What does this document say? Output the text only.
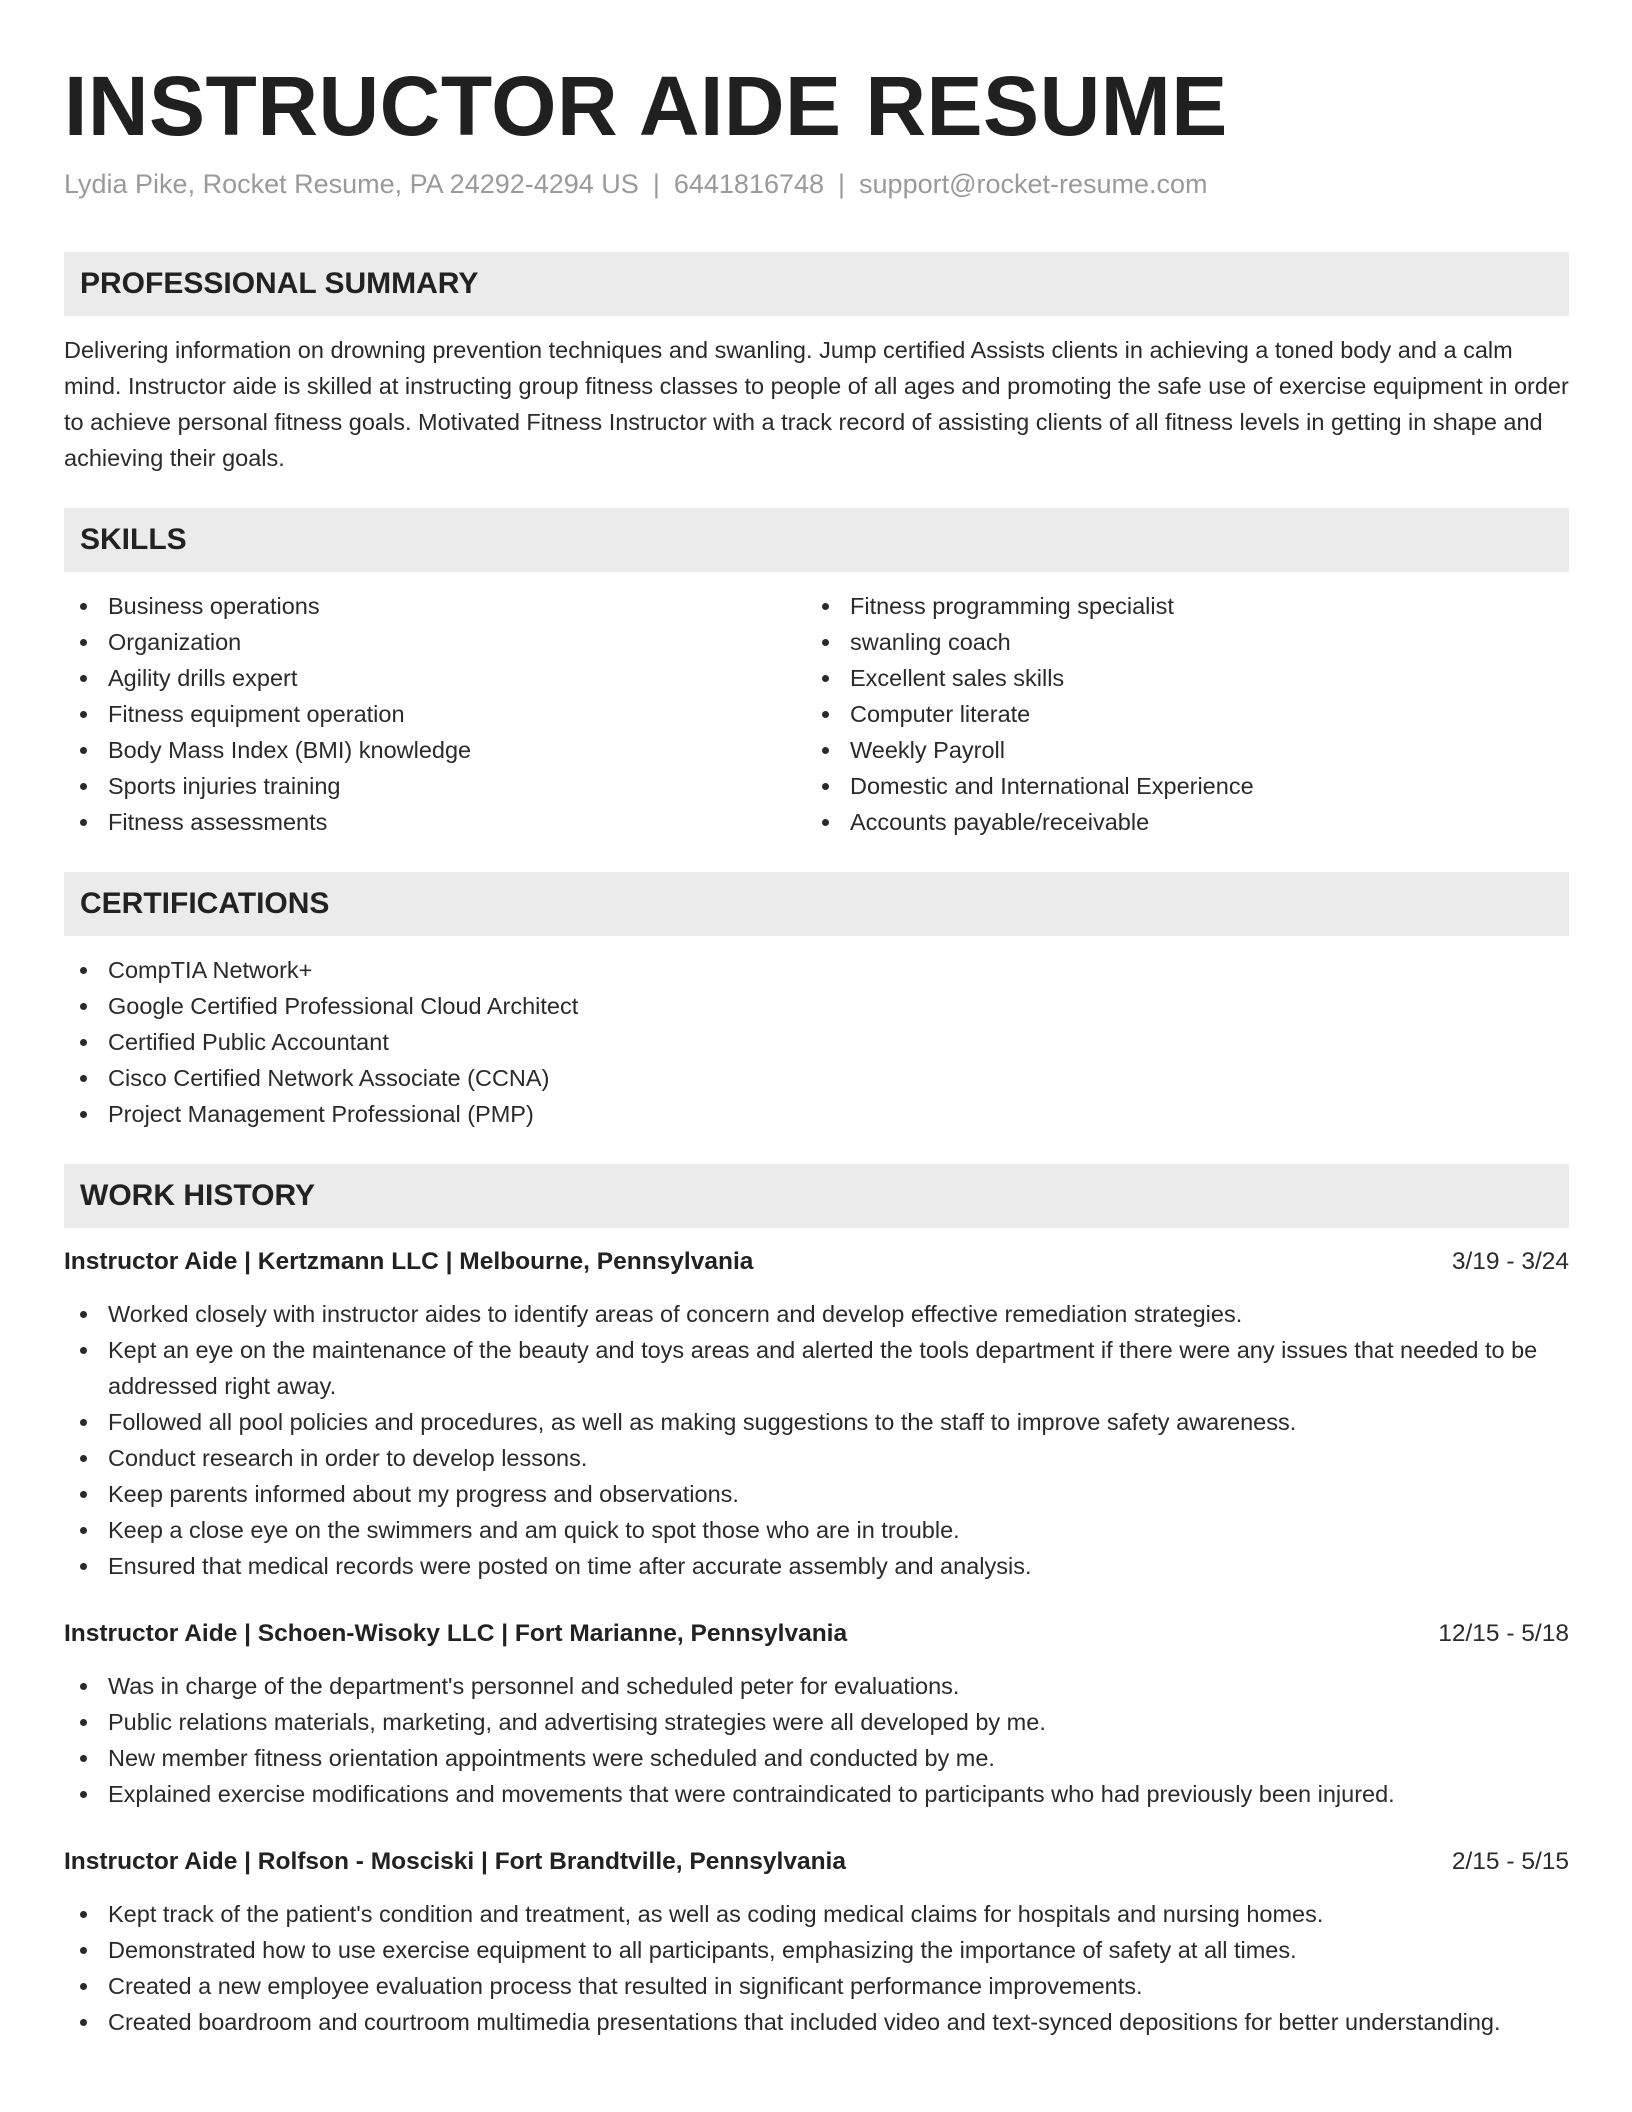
INSTRUCTOR AIDE RESUME
Lydia Pike, Rocket Resume, PA 24292-4294 US | 6441816748 | support@rocket-resume.com
PROFESSIONAL SUMMARY
Delivering information on drowning prevention techniques and swanling. Jump certified Assists clients in achieving a toned body and a calm mind. Instructor aide is skilled at instructing group fitness classes to people of all ages and promoting the safe use of exercise equipment in order to achieve personal fitness goals. Motivated Fitness Instructor with a track record of assisting clients of all fitness levels in getting in shape and achieving their goals.
SKILLS
Business operations
Organization
Agility drills expert
Fitness equipment operation
Body Mass Index (BMI) knowledge
Sports injuries training
Fitness assessments
Fitness programming specialist
swanling coach
Excellent sales skills
Computer literate
Weekly Payroll
Domestic and International Experience
Accounts payable/receivable
CERTIFICATIONS
CompTIA Network+
Google Certified Professional Cloud Architect
Certified Public Accountant
Cisco Certified Network Associate (CCNA)
Project Management Professional (PMP)
WORK HISTORY
Instructor Aide | Kertzmann LLC | Melbourne, Pennsylvania	3/19 - 3/24
Worked closely with instructor aides to identify areas of concern and develop effective remediation strategies.
Kept an eye on the maintenance of the beauty and toys areas and alerted the tools department if there were any issues that needed to be addressed right away.
Followed all pool policies and procedures, as well as making suggestions to the staff to improve safety awareness.
Conduct research in order to develop lessons.
Keep parents informed about my progress and observations.
Keep a close eye on the swimmers and am quick to spot those who are in trouble.
Ensured that medical records were posted on time after accurate assembly and analysis.
Instructor Aide | Schoen-Wisoky LLC | Fort Marianne, Pennsylvania	12/15 - 5/18
Was in charge of the department's personnel and scheduled peter for evaluations.
Public relations materials, marketing, and advertising strategies were all developed by me.
New member fitness orientation appointments were scheduled and conducted by me.
Explained exercise modifications and movements that were contraindicated to participants who had previously been injured.
Instructor Aide | Rolfson - Mosciski | Fort Brandtville, Pennsylvania	2/15 - 5/15
Kept track of the patient's condition and treatment, as well as coding medical claims for hospitals and nursing homes.
Demonstrated how to use exercise equipment to all participants, emphasizing the importance of safety at all times.
Created a new employee evaluation process that resulted in significant performance improvements.
Created boardroom and courtroom multimedia presentations that included video and text-synced depositions for better understanding.
